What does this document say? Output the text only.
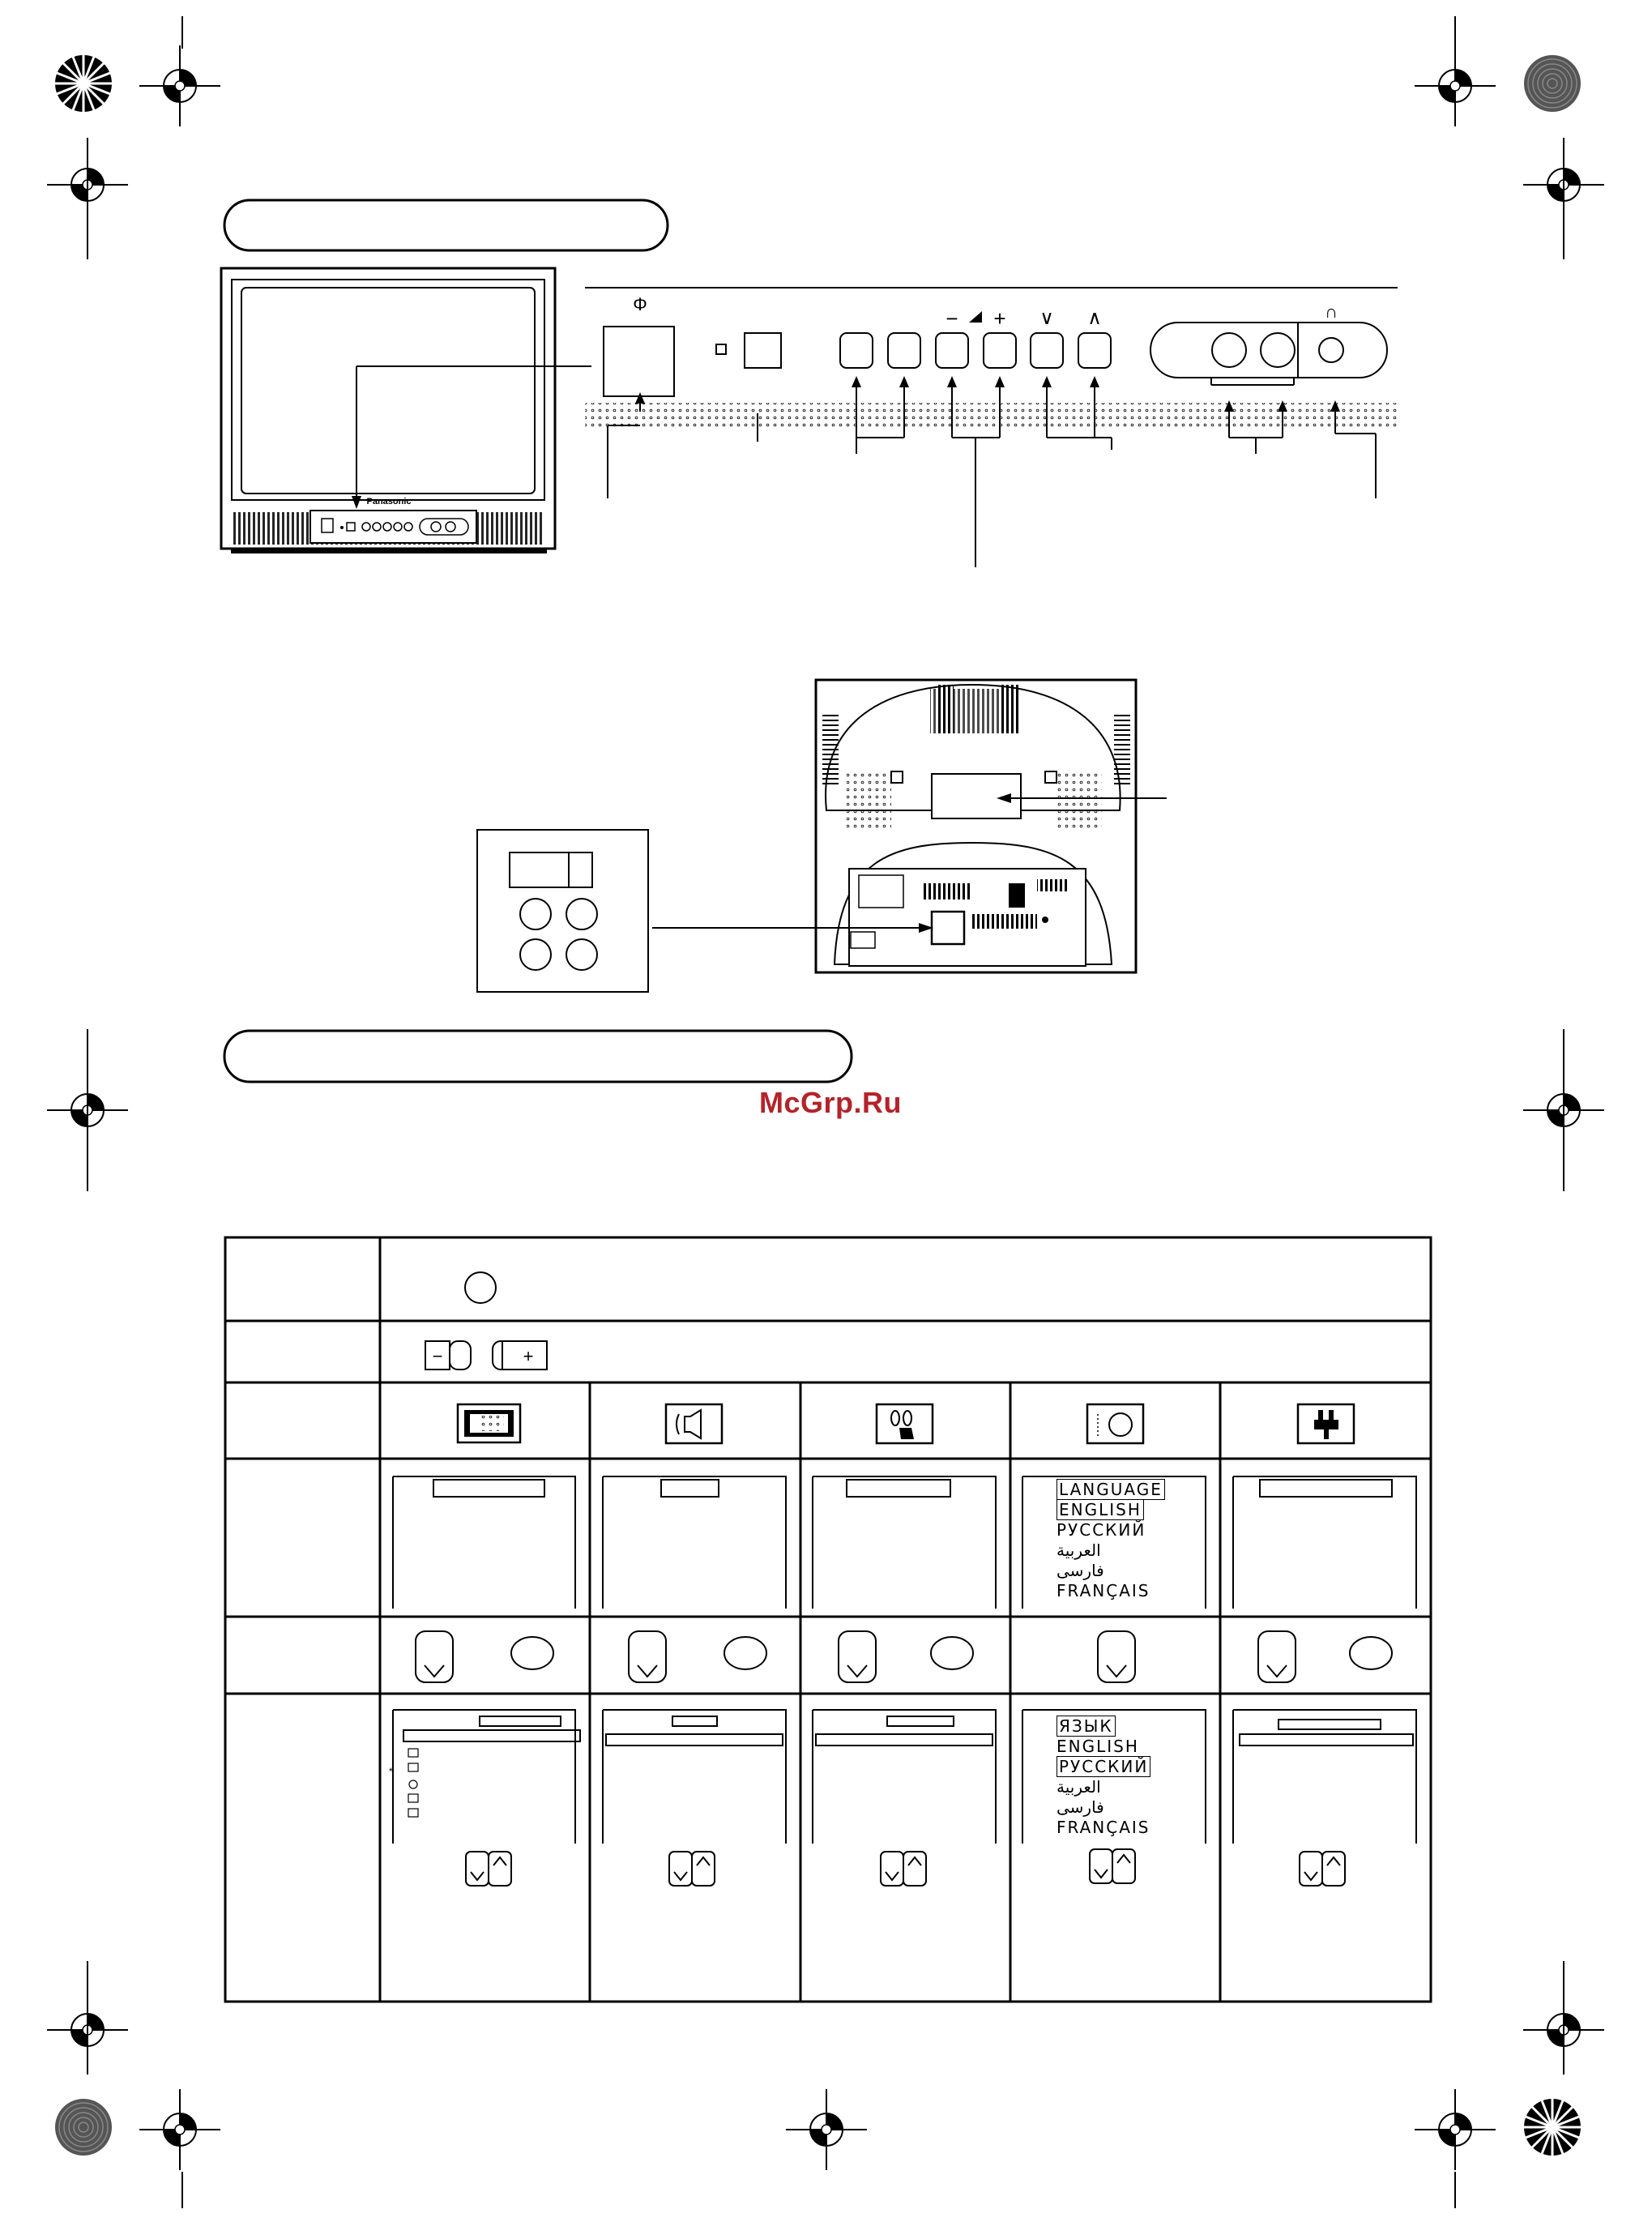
Panasonic
Φ
− + ∨ ∧	∩
−	+
*
LANGUAGE
ENGLISH
РУССКИЙ
العربية
فارسی
FRANÇAIS
ЯЗЫК
ENGLISH
РУССКИЙ
العربية
فارسی
FRANÇAIS
McGrp.Ru
